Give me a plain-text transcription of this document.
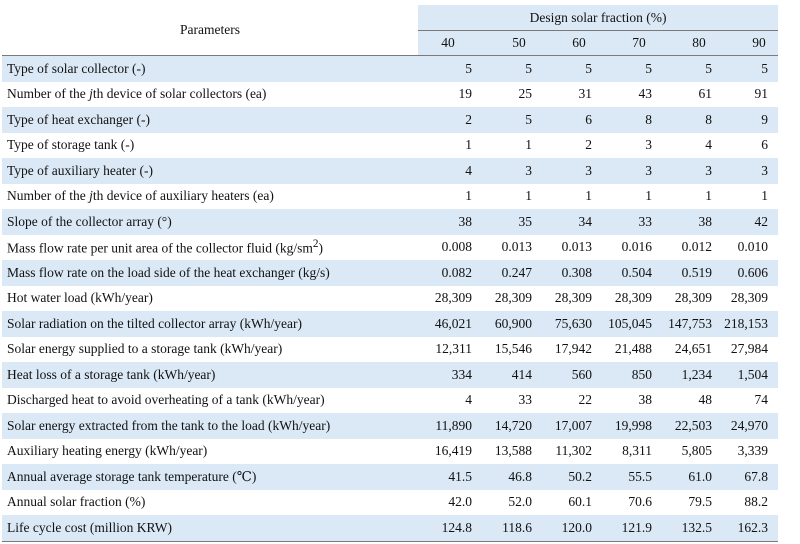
Parameters	Design solar fraction (%)					
	40	50	60	70	80	90
Type of solar collector (-)	5	5	5	5	5	5
Number of the jth device of solar collectors (ea)	19	25	31	43	61	91
Type of heat exchanger (-)	2	5	6	8	8	9
Type of storage tank (-)	1	1	2	3	4	6
Type of auxiliary heater (-)	4	3	3	3	3	3
Number of the jth device of auxiliary heaters (ea)	1	1	1	1	1	1
Slope of the collector array (°)	38	35	34	33	38	42
Mass flow rate per unit area of the collector fluid $(kg/sm^2)$	0.008	0.013	0.013	0.016	0.012	0.010
Mass flow rate on the load side of the heat exchanger (kg/s)	0.082	0.247	0.308	0.504	0.519	0.606
Hot water load (kWh/year)	28,309	28,309	28,309	28,309	28,309	28,309
Solar radiation on the tilted collector array (kWh/year)	46,021	60,900	75,630	105,045	147,753	218,153
Solar energy supplied to a storage tank (kWh/year)	12,311	15,546	17,942	21,488	24,651	27,984
Heat loss of a storage tank (kWh/year)	334	414	560	850	1,234	1,504
Discharged heat to avoid overheating of a tank (kWh/year)	4	33	22	38	48	74
Solar energy extracted from the tank to the load (kWh/year)	11,890	14,720	17,007	19,998	22,503	24,970
Auxiliary heating energy (kWh/year)	16,419	13,588	11,302	8,311	5,805	3,339
Annual average storage tank temperature (℃)	41.5	46.8	50.2	55.5	61.0	67.8
Annual solar fraction (%)	42.0	52.0	60.1	70.6	79.5	88.2
Life cycle cost (million KRW)	124.8	118.6	120.0	121.9	132.5	162.3
